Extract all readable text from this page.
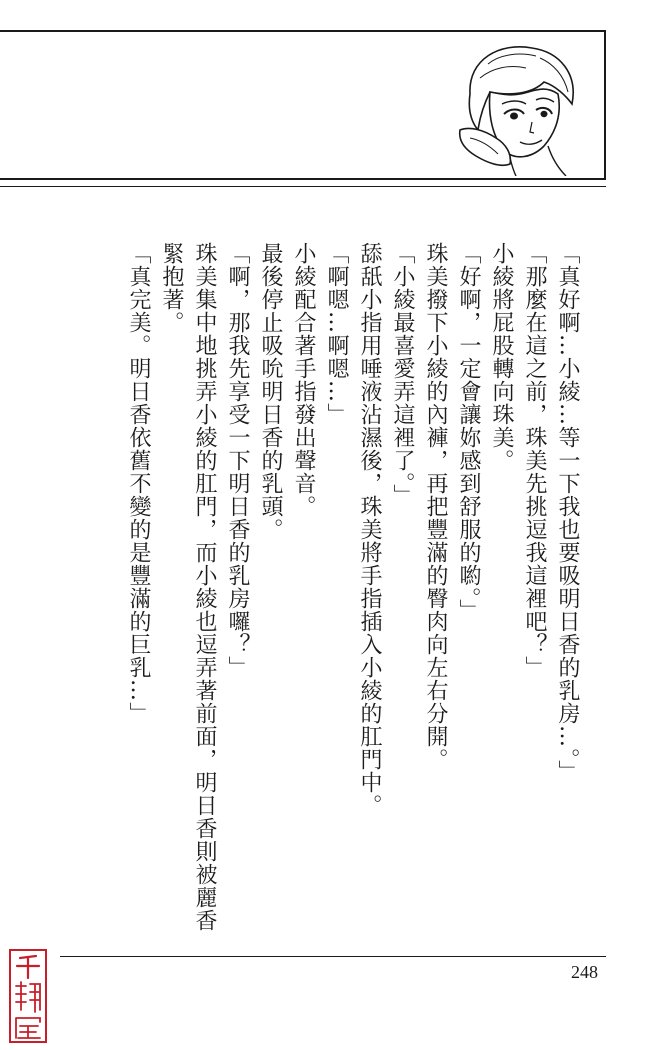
「真好啊…小綾…等一下我也要吸明日香的乳房…。」

「那麼在這之前，珠美先挑逗我這裡吧？」

小綾將屁股轉向珠美。

「好啊，一定會讓妳感到舒服的喲。」

珠美撥下小綾的內褲，再把豐滿的臀肉向左右分開。

「小綾最喜愛弄這裡了。」

舔舐小指用唾液沾濕後，珠美將手指插入小綾的肛門中。

「啊嗯…啊嗯…」

小綾配合著手指發出聲音。

最後停止吸吮明日香的乳頭。

「啊，那我先享受一下明日香的乳房囉？」

珠美集中地挑弄小綾的肛門，而小綾也逗弄著前面，明日香則被麗香緊抱著。

「真完美。明日香依舊不變的是豐滿的巨乳…」

248
